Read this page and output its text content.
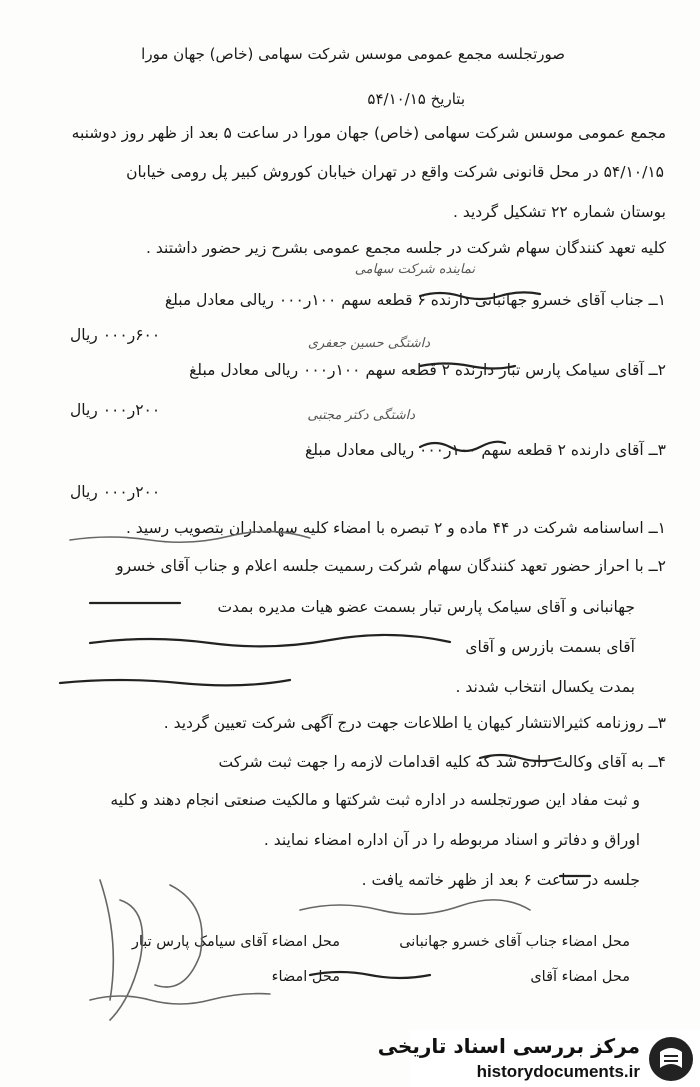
صورتجلسه مجمع عمومی موسس شرکت سهامی (خاص) جهان مورا
بتاریخ ۵۴/۱۰/۱۵
مجمع عمومی موسس شرکت سهامی (خاص) جهان مورا در ساعت ۵ بعد از ظهر روز دوشنبه
۵۴/۱۰/۱۵ در محل قانونی شرکت واقع در تهران خیابان کوروش کبیر پل رومی خیابان
بوستان شماره ۲۲ تشکیل گردید .
کلیه تعهد کنندگان سهام شرکت در جلسه مجمع عمومی بشرح زیر حضور داشتند .
نماینده شرکت سهامی
۱ــ جناب آقای خسرو جهانبانی دارنده ۶ قطعه سهم ۱۰۰ر۰۰۰ ریالی معادل مبلغ
۶۰۰ر۰۰۰ ریال	داشتگی حسین جعفری
۲ــ آقای سیامک پارس تبار دارنده ۲ قطعه سهم ۱۰۰ر۰۰۰ ریالی معادل مبلغ
۲۰۰ر۰۰۰ ریال	داشتگی دکتر مجتبی
۳ــ آقای دارنده ۲ قطعه سهم ۱۰۰ر۰۰۰ ریالی معادل مبلغ
۲۰۰ر۰۰۰ ریال
۱ــ اساسنامه شرکت در ۴۴ ماده و ۲ تبصره با امضاء کلیه سهامداران بتصویب رسید .
۲ــ با احراز حضور تعهد کنندگان سهام شرکت رسمیت جلسه اعلام و جناب آقای خسرو
جهانبانی و آقای سیامک پارس تبار بسمت عضو هیات مدیره بمدت
آقای بسمت بازرس و آقای
بمدت یکسال انتخاب شدند .
۳ــ روزنامه کثیرالانتشار کیهان یا اطلاعات جهت درج آگهی شرکت تعیین گردید .
۴ــ به آقای وکالت داده شد که کلیه اقدامات لازمه را جهت ثبت شرکت
و ثبت مفاد این صورتجلسه در اداره ثبت شرکتها و مالکیت صنعتی انجام دهند و کلیه
اوراق و دفاتر و اسناد مربوطه را در آن اداره امضاء نمایند .
جلسه در ساعت ۶ بعد از ظهر خاتمه یافت .
محل امضاء جناب آقای خسرو جهانبانی
محل امضاء آقای سیامک پارس تبار
محل امضاء آقای
محل امضاء
مرکز بررسی اسناد تاریخی
historydocuments.ir
